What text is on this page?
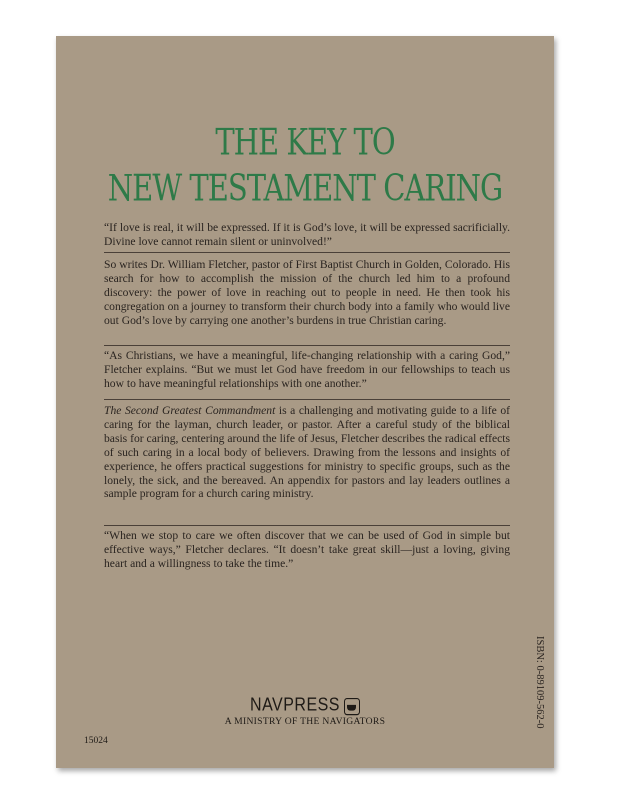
THE KEY TO
NEW TESTAMENT CARING

“If love is real, it will be expressed. If it is God’s love, it will be expressed sacrificially. Divine love cannot remain silent or uninvolved!”

So writes Dr. William Fletcher, pastor of First Baptist Church in Golden, Colorado. His search for how to accomplish the mission of the church led him to a profound discovery: the power of love in reaching out to people in need. He then took his congregation on a journey to transform their church body into a family who would live out God’s love by carrying one another’s burdens in true Christian caring.

“As Christians, we have a meaningful, life-changing relationship with a caring God,” Fletcher explains. “But we must let God have freedom in our fellowships to teach us how to have meaningful relationships with one another.”

The Second Greatest Commandment is a challenging and motivating guide to a life of caring for the layman, church leader, or pastor. After a careful study of the biblical basis for caring, centering around the life of Jesus, Fletcher describes the radical effects of such caring in a local body of believers. Drawing from the lessons and insights of experience, he offers practical suggestions for ministry to specific groups, such as the lonely, the sick, and the bereaved. An appendix for pastors and lay leaders outlines a sample program for a church caring ministry.

“When we stop to care we often discover that we can be used of God in simple but effective ways,” Fletcher declares. “It doesn’t take great skill—just a loving, giving heart and a willingness to take the time.”

ISBN: 0-89109-562-0
NAVPRESS
A MINISTRY OF THE NAVIGATORS
15024
